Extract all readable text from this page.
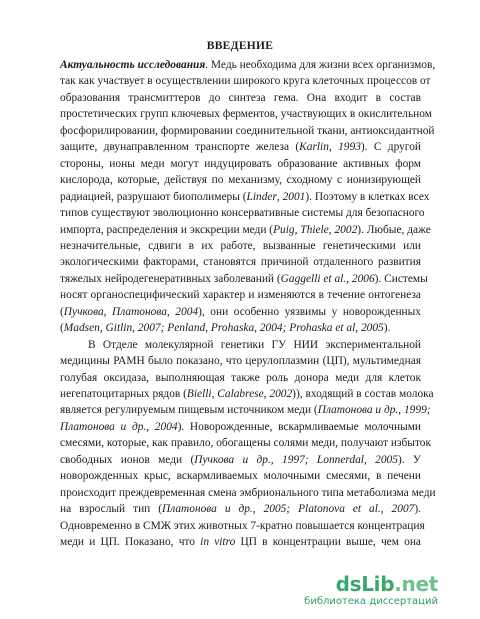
ВВЕДЕНИЕ
Актуальность исследования. Медь необходима для жизни всех организмов,
так как участвует в осуществлении широкого круга клеточных процессов от
образования трансмиттеров до синтеза гема. Она входит в состав
простетических групп ключевых ферментов, участвующих в окислительном
фосфорилировании, формировании соединительной ткани, антиоксидантной
защите, двунаправленном транспорте железа (Karlin, 1993). С другой
стороны, ионы меди могут индуцировать образование активных форм
кислорода, которые, действуя по механизму, сходному с ионизирующей
радиацией, разрушают биополимеры (Linder, 2001). Поэтому в клетках всех
типов существуют эволюционно консервативные системы для безопасного
импорта, распределения и экскреции меди (Puig, Thiele, 2002). Любые, даже
незначительные, сдвиги в их работе, вызванные генетическими или
экологическими факторами, становятся причиной отдаленного развития
тяжелых нейродегенеративных заболеваний (Gaggelli et al., 2006). Системы
носят органоспецифический характер и изменяются в течение онтогенеза
(Пучкова, Платонова, 2004), они особенно уязвимы у новорожденных
(Madsen, Gitlin, 2007; Penland, Prohaska, 2004; Prohaska et al, 2005).
В Отделе молекулярной генетики ГУ НИИ экспериментальной
медицины РАМН было показано, что церулоплазмин (ЦП), мультимедная
голубая оксидаза, выполняющая также роль донора меди для клеток
негепатоцитарных рядов (Bielli, Calabrese, 2002)), входящий в состав молока
является регулируемым пищевым источником меди (Платонова и др., 1999;
Платонова и др., 2004). Новорожденные, вскармливаемые молочными
смесями, которые, как правило, обогащены солями меди, получают избыток
свободных ионов меди (Пучкова и др., 1997; Lonnerdal, 2005). У
новорожденных крыс, вскармливаемых молочными смесями, в печени
происходит преждевременная смена эмбрионального типа метаболизма меди
на взрослый тип (Платонова и др., 2005; Platonova et al., 2007).
Одновременно в СМЖ этих животных 7-кратно повышается концентрация
меди и ЦП. Показано, что in vitro ЦП в концентрации выше, чем она
dsLib.net
библиотека диссертаций
